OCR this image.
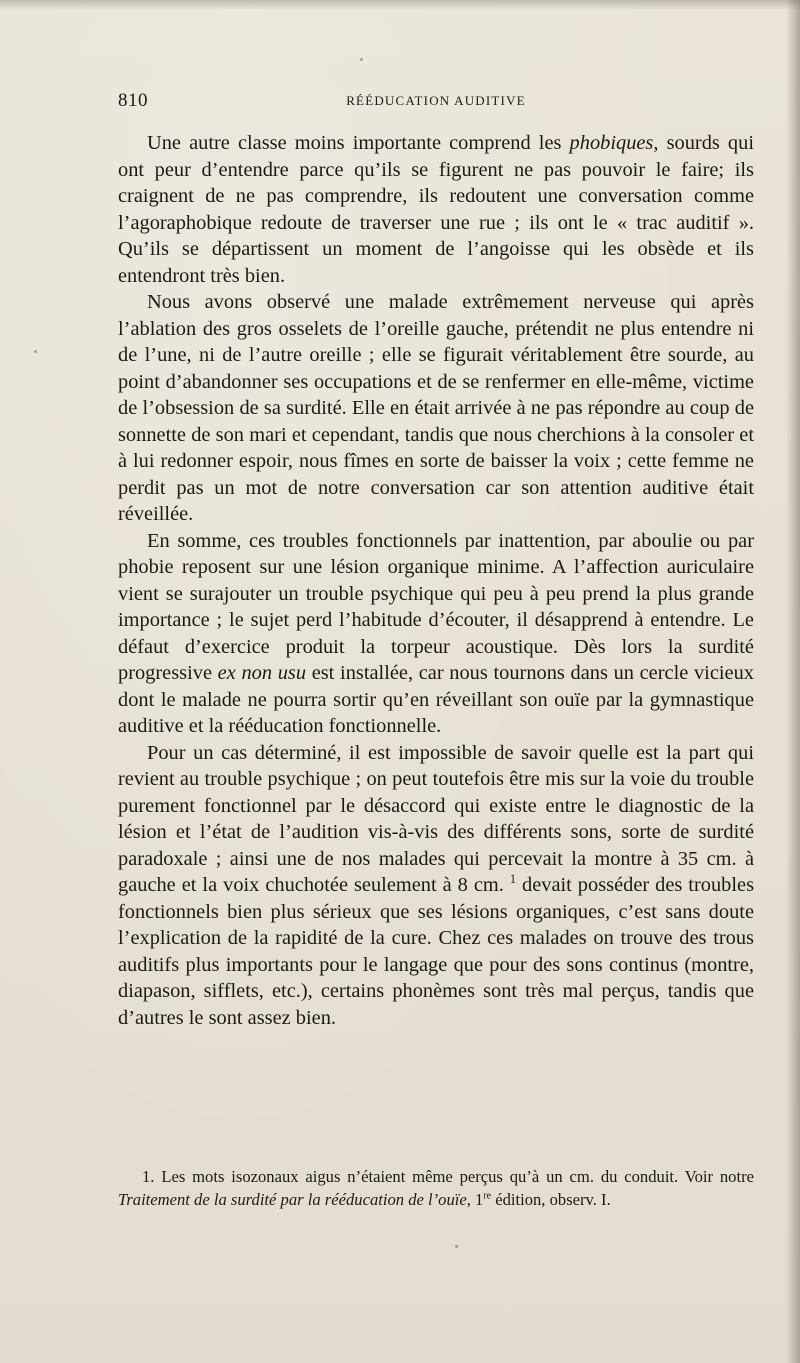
810	RÉÉDUCATION AUDITIVE

Une autre classe moins importante comprend les phobiques, sourds qui ont peur d’entendre parce qu’ils se figurent ne pas pouvoir le faire; ils craignent de ne pas comprendre, ils redoutent une conversation comme l’agoraphobique redoute de traverser une rue ; ils ont le « trac auditif ». Qu’ils se départissent un moment de l’angoisse qui les obsède et ils entendront très bien.

Nous avons observé une malade extrêmement nerveuse qui après l’ablation des gros osselets de l’oreille gauche, prétendit ne plus entendre ni de l’une, ni de l’autre oreille ; elle se figurait véritablement être sourde, au point d’abandonner ses occupations et de se renfermer en elle-même, victime de l’obsession de sa surdité. Elle en était arrivée à ne pas répondre au coup de sonnette de son mari et cependant, tandis que nous cherchions à la consoler et à lui redonner espoir, nous fîmes en sorte de baisser la voix ; cette femme ne perdit pas un mot de notre conversation car son attention auditive était réveillée.

En somme, ces troubles fonctionnels par inattention, par aboulie ou par phobie reposent sur une lésion organique minime. A l’affection auriculaire vient se surajouter un trouble psychique qui peu à peu prend la plus grande importance ; le sujet perd l’habitude d’écouter, il désapprend à entendre. Le défaut d’exercice produit la torpeur acoustique. Dès lors la surdité progressive ex non usu est installée, car nous tournons dans un cercle vicieux dont le malade ne pourra sortir qu’en réveillant son ouïe par la gymnastique auditive et la rééducation fonctionnelle.

Pour un cas déterminé, il est impossible de savoir quelle est la part qui revient au trouble psychique ; on peut toutefois être mis sur la voie du trouble purement fonctionnel par le désaccord qui existe entre le diagnostic de la lésion et l’état de l’audition vis-à-vis des différents sons, sorte de surdité paradoxale ; ainsi une de nos malades qui percevait la montre à 35 cm. à gauche et la voix chuchotée seulement à 8 cm. $^1$ devait posséder des troubles fonctionnels bien plus sérieux que ses lésions organiques, c’est sans doute l’explication de la rapidité de la cure. Chez ces malades on trouve des trous auditifs plus importants pour le langage que pour des sons continus (montre, diapason, sifflets, etc.), certains phonèmes sont très mal perçus, tandis que d’autres le sont assez bien.

1. Les mots isozonaux aigus n’étaient même perçus qu’à un cm. du conduit. Voir notre Traitement de la surdité par la rééducation de l’ouïe, 1re édition, observ. I.
